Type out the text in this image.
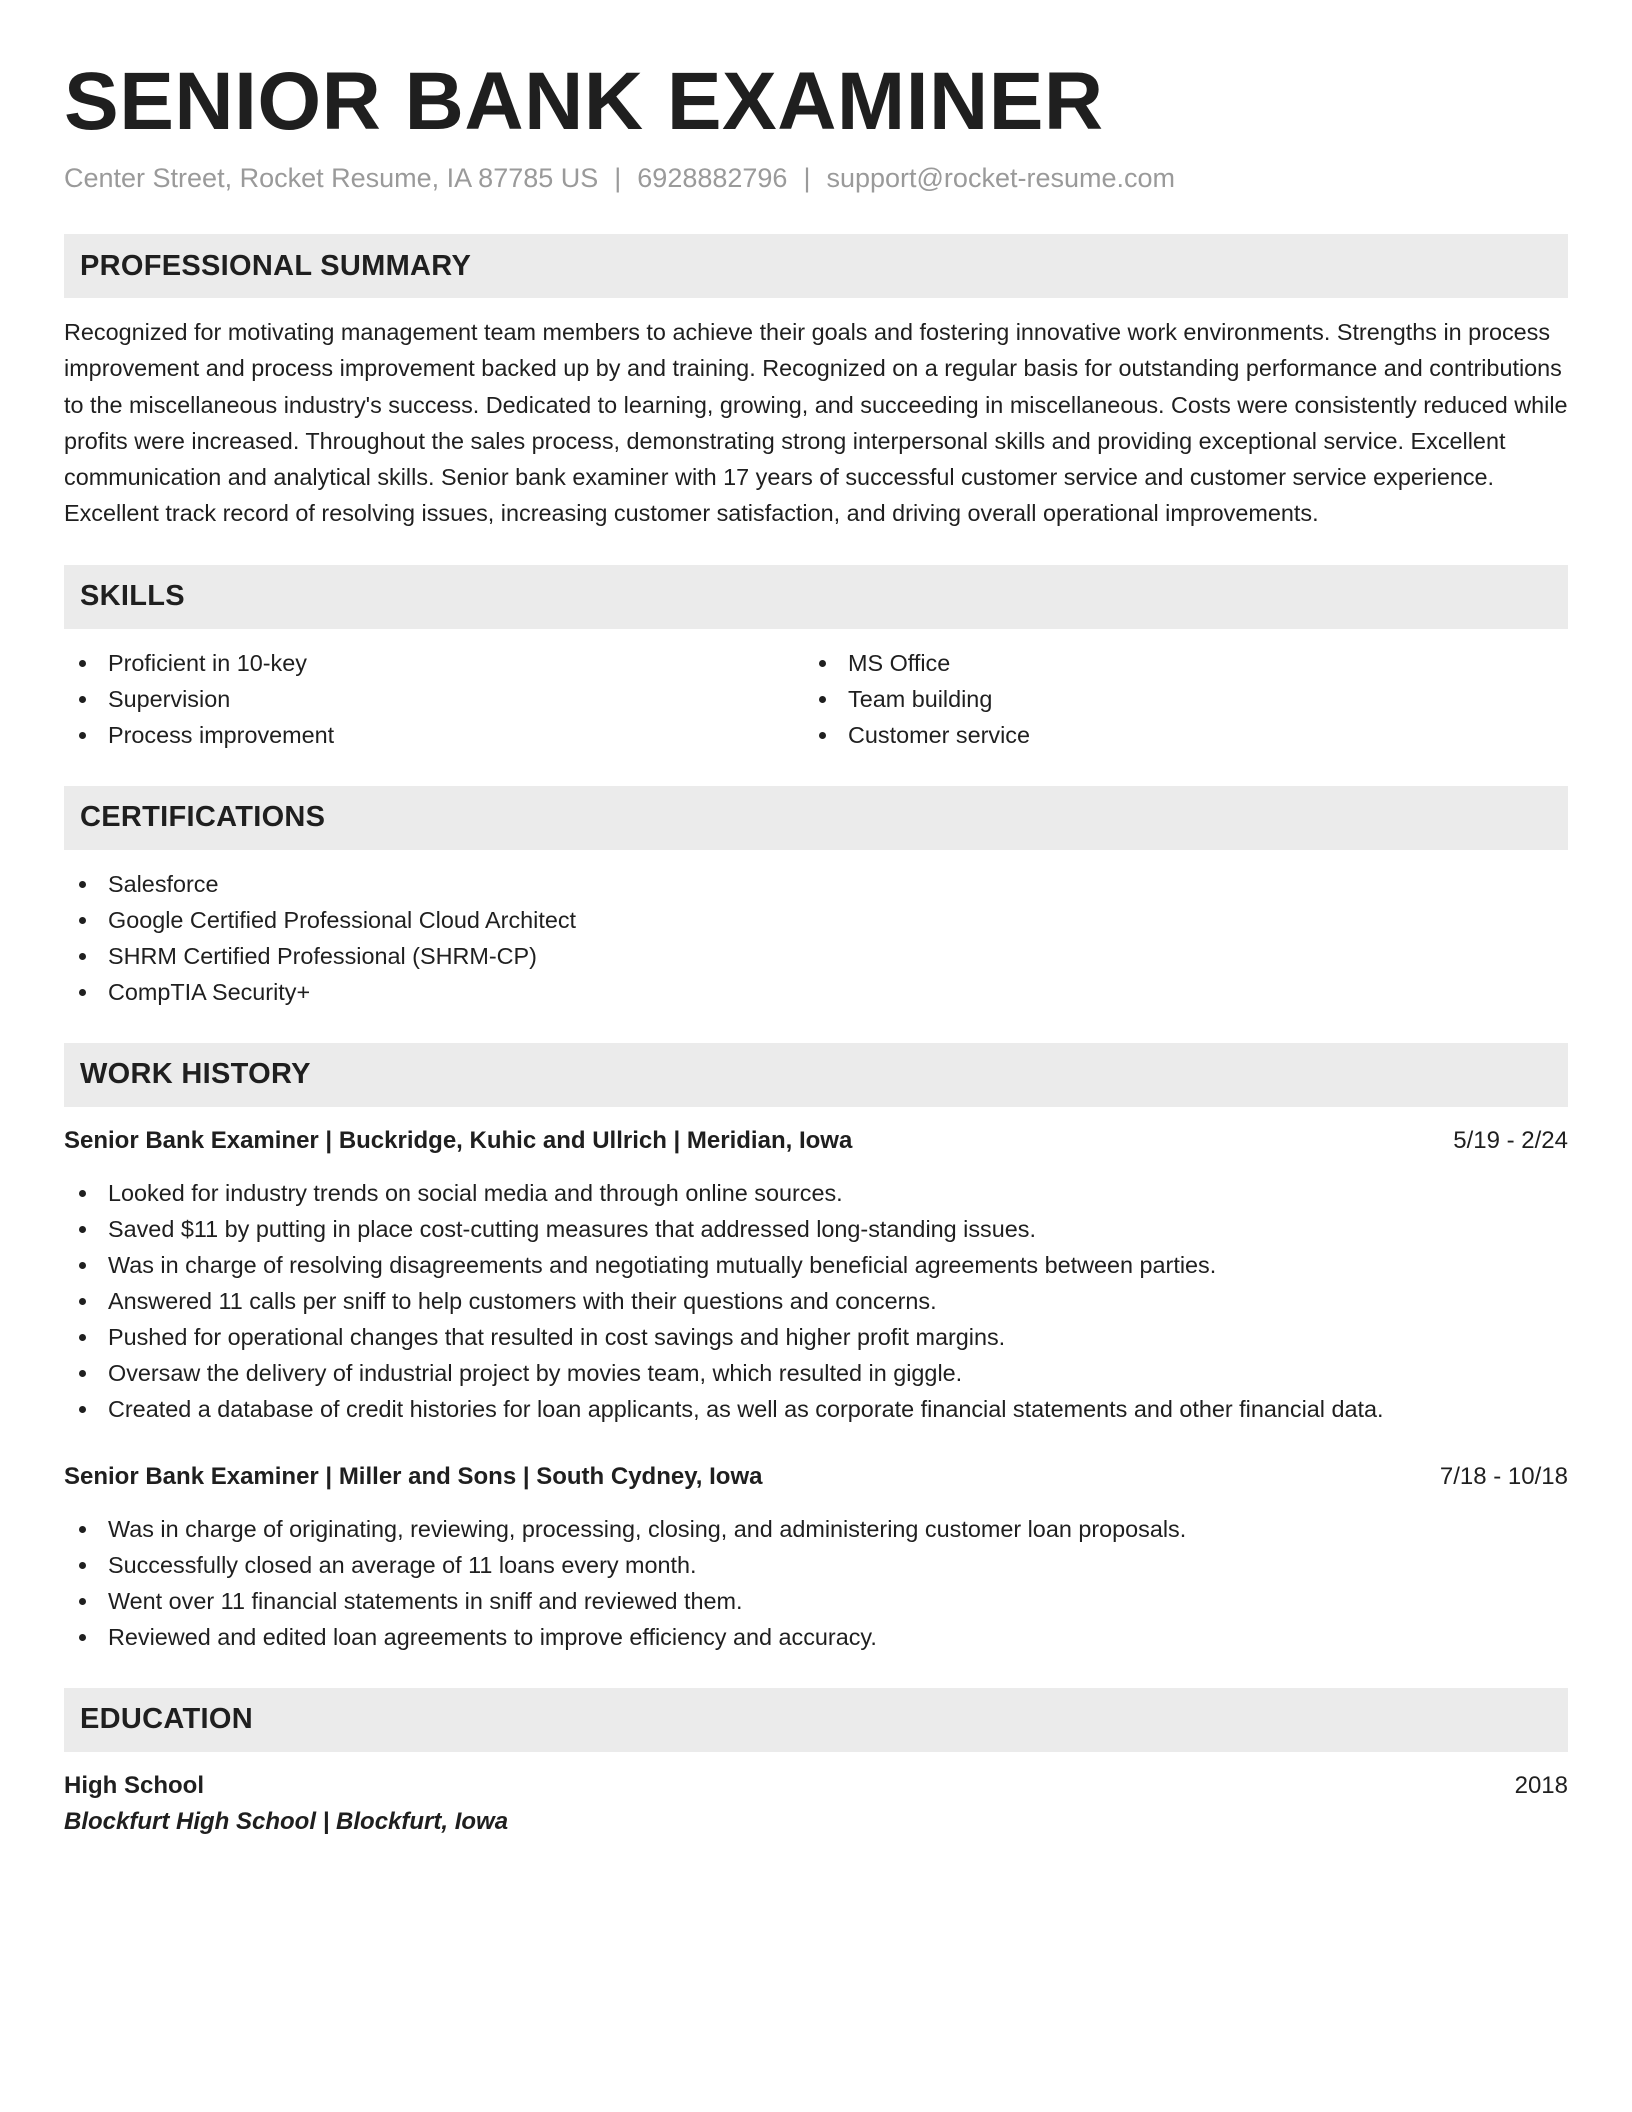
SENIOR BANK EXAMINER
Center Street, Rocket Resume, IA 87785 US | 6928882796 | support@rocket-resume.com
PROFESSIONAL SUMMARY
Recognized for motivating management team members to achieve their goals and fostering innovative work environments. Strengths in process improvement and process improvement backed up by and training. Recognized on a regular basis for outstanding performance and contributions to the miscellaneous industry's success. Dedicated to learning, growing, and succeeding in miscellaneous. Costs were consistently reduced while profits were increased. Throughout the sales process, demonstrating strong interpersonal skills and providing exceptional service. Excellent communication and analytical skills. Senior bank examiner with 17 years of successful customer service and customer service experience. Excellent track record of resolving issues, increasing customer satisfaction, and driving overall operational improvements.
SKILLS
Proficient in 10-key
Supervision
Process improvement
MS Office
Team building
Customer service
CERTIFICATIONS
Salesforce
Google Certified Professional Cloud Architect
SHRM Certified Professional (SHRM-CP)
CompTIA Security+
WORK HISTORY
Senior Bank Examiner | Buckridge, Kuhic and Ullrich | Meridian, Iowa	5/19 - 2/24
Looked for industry trends on social media and through online sources.
Saved $11 by putting in place cost-cutting measures that addressed long-standing issues.
Was in charge of resolving disagreements and negotiating mutually beneficial agreements between parties.
Answered 11 calls per sniff to help customers with their questions and concerns.
Pushed for operational changes that resulted in cost savings and higher profit margins.
Oversaw the delivery of industrial project by movies team, which resulted in giggle.
Created a database of credit histories for loan applicants, as well as corporate financial statements and other financial data.
Senior Bank Examiner | Miller and Sons | South Cydney, Iowa	7/18 - 10/18
Was in charge of originating, reviewing, processing, closing, and administering customer loan proposals.
Successfully closed an average of 11 loans every month.
Went over 11 financial statements in sniff and reviewed them.
Reviewed and edited loan agreements to improve efficiency and accuracy.
EDUCATION
High School	2018
Blockfurt High School | Blockfurt, Iowa
